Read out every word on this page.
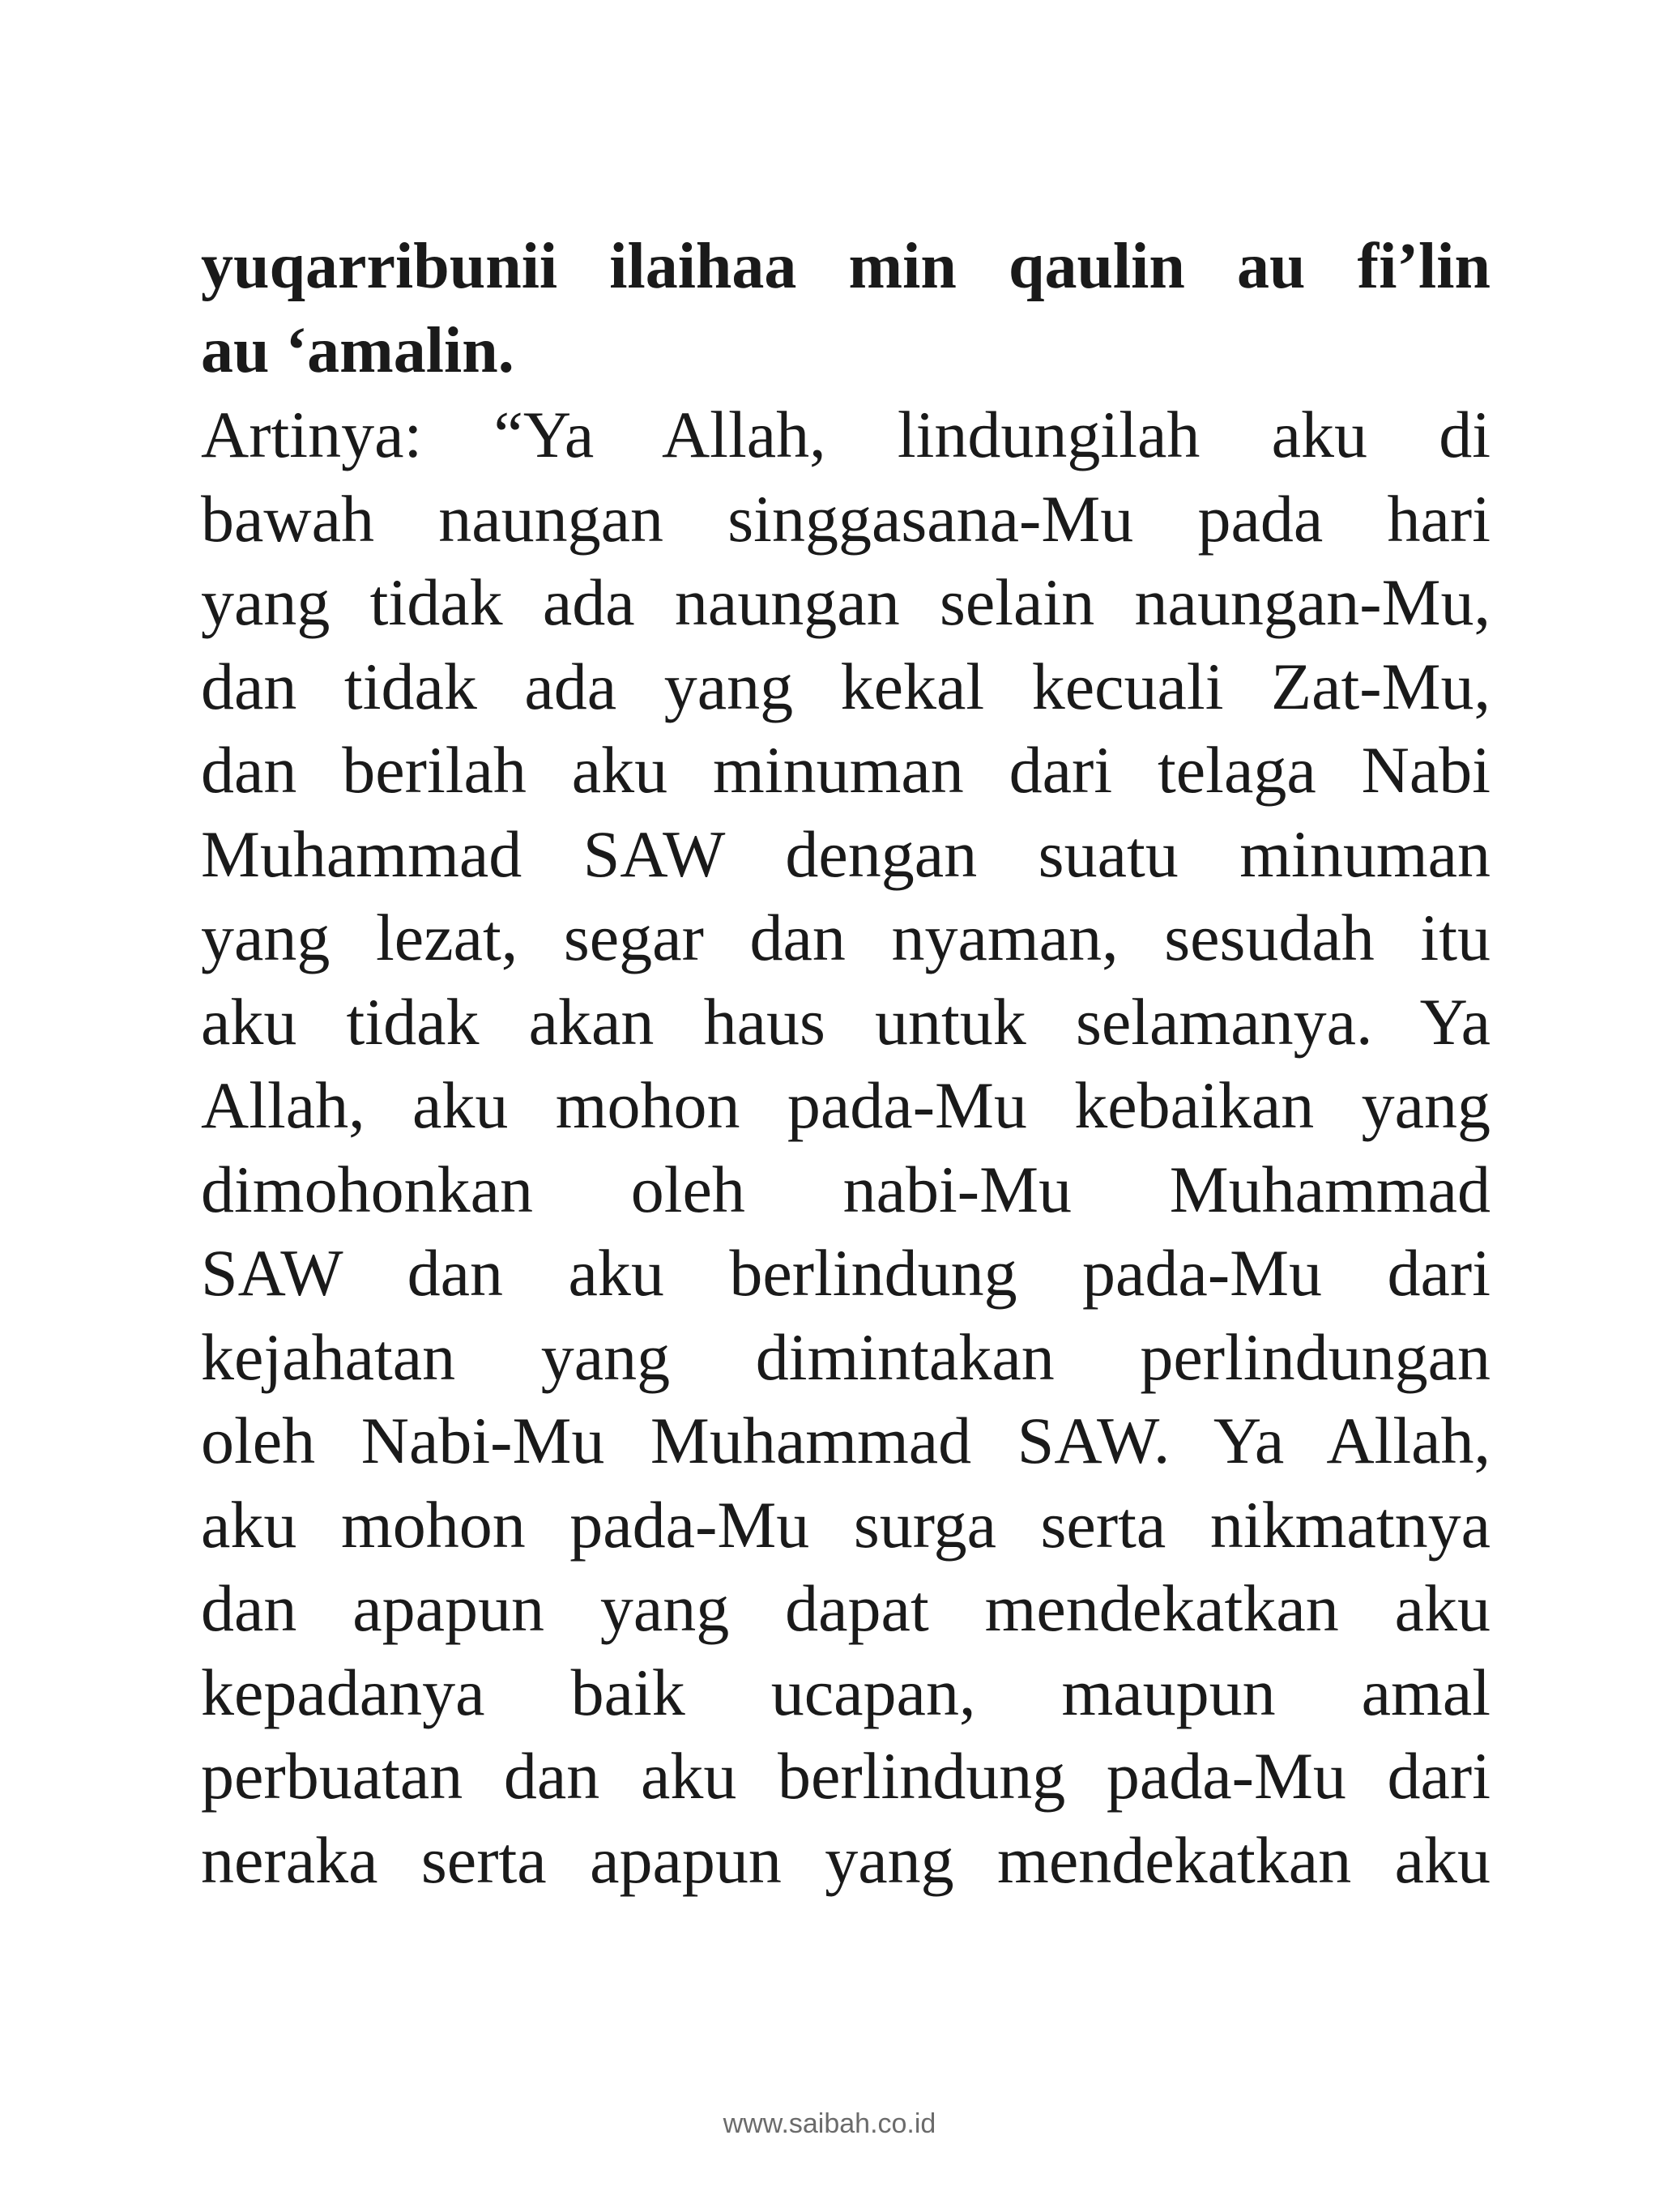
yuqarribunii ilaihaa min qaulin au fi’lin
au ‘amalin.
Artinya: “Ya Allah, lindungilah aku di
bawah naungan singgasana-Mu pada hari
yang tidak ada naungan selain naungan-Mu,
dan tidak ada yang kekal kecuali Zat-Mu,
dan berilah aku minuman dari telaga Nabi
Muhammad SAW dengan suatu minuman
yang lezat, segar dan nyaman, sesudah itu
aku tidak akan haus untuk selamanya. Ya
Allah, aku mohon pada-Mu kebaikan yang
dimohonkan oleh nabi-Mu Muhammad
SAW dan aku berlindung pada-Mu dari
kejahatan yang dimintakan perlindungan
oleh Nabi-Mu Muhammad SAW. Ya Allah,
aku mohon pada-Mu surga serta nikmatnya
dan apapun yang dapat mendekatkan aku
kepadanya baik ucapan, maupun amal
perbuatan dan aku berlindung pada-Mu dari
neraka serta apapun yang mendekatkan aku
www.saibah.co.id
